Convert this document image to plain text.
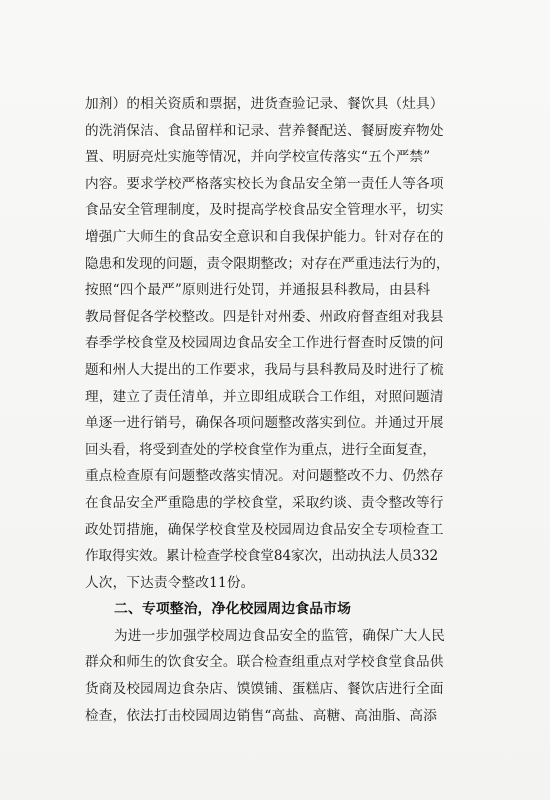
加剂）的相关资质和票据，进货查验记录、餐饮具（灶具）
的洗消保洁、食品留样和记录、营养餐配送、餐厨废弃物处
置、明厨亮灶实施等情况，并向学校宣传落实“五个严禁”
内容。要求学校严格落实校长为食品安全第一责任人等各项
食品安全管理制度，及时提高学校食品安全管理水平，切实
增强广大师生的食品安全意识和自我保护能力。针对存在的
隐患和发现的问题，责令限期整改；对存在严重违法行为的，
按照“四个最严”原则进行处罚，并通报县科教局，由县科
教局督促各学校整改。四是针对州委、州政府督查组对我县
春季学校食堂及校园周边食品安全工作进行督查时反馈的问
题和州人大提出的工作要求，我局与县科教局及时进行了梳
理，建立了责任清单，并立即组成联合工作组，对照问题清
单逐一进行销号，确保各项问题整改落实到位。并通过开展
回头看，将受到查处的学校食堂作为重点，进行全面复查，
重点检查原有问题整改落实情况。对问题整改不力、仍然存
在食品安全严重隐患的学校食堂，采取约谈、责令整改等行
政处罚措施，确保学校食堂及校园周边食品安全专项检查工
作取得实效。累计检查学校食堂84家次，出动执法人员332
人次，下达责令整改11份。
二、专项整治，净化校园周边食品市场
为进一步加强学校周边食品安全的监管，确保广大人民
群众和师生的饮食安全。联合检查组重点对学校食堂食品供
货商及校园周边食杂店、馍馍铺、蛋糕店、餐饮店进行全面
检查，依法打击校园周边销售“高盐、高糖、高油脂、高添
